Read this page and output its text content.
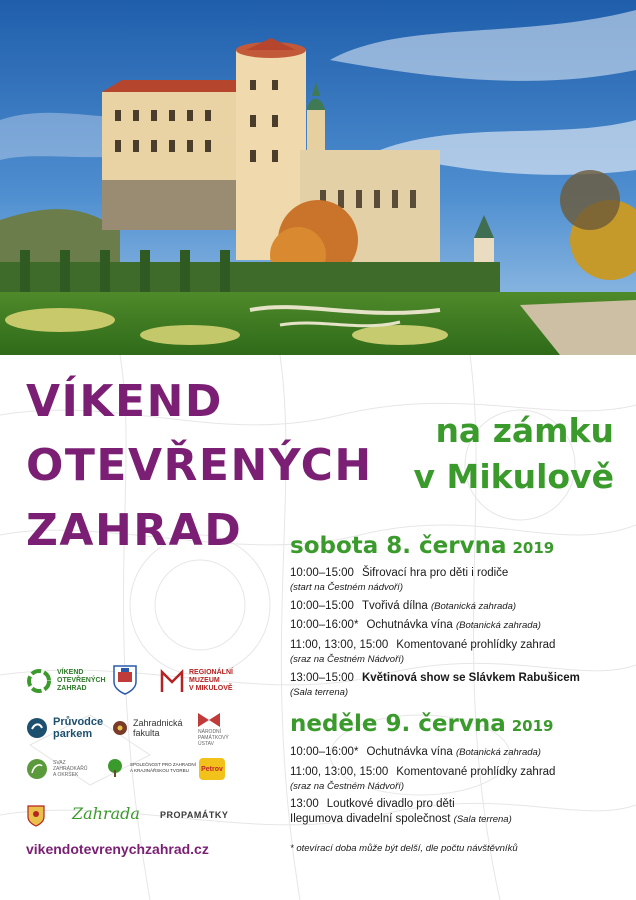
VÍKEND
OTEVŘENÝCH
ZAHRAD
na zámku
v Mikulově
sobota 8. června 2019
10:00–15:00 Šifrovací hra pro děti i rodiče
(start na Čestném nádvoří)
10:00–15:00 Tvořivá dílna (Botanická zahrada)
10:00–16:00* Ochutnávka vína (Botanická zahrada)
11:00, 13:00, 15:00 Komentované prohlídky zahrad
(sraz na Čestném Nádvoří)
13:00–15:00 Květinová show se Slávkem Rabušicem
(Sala terrena)
neděle 9. června 2019
10:00–16:00* Ochutnávka vína (Botanická zahrada)
11:00, 13:00, 15:00 Komentované prohlídky zahrad
(sraz na Čestném Nádvoří)
13:00 Loutkové divadlo pro děti
Ilegumova divadelní společnost (Sala terrena)
* otevírací doba může být delší, dle počtu návštěvníků
VÍKEND
OTEVŘENÝCH
ZAHRAD
REGIONÁLNÍ
MUZEUM
V MIKULOVĚ
Průvodce
parkem
Zahradnická
fakulta	NÁRODNÍ
PAMÁTKOVÝ
ÚSTAV
SVAZ
ZAHRÁDKÁŘŮ
A OKRSEK
SPOLEČNOST PRO ZAHRADNÍ
A KRAJINÁŘSKOU TVORBU	Petrov
Zahrada PROPAMÁTKY
vikendotevrenychzahrad.cz
